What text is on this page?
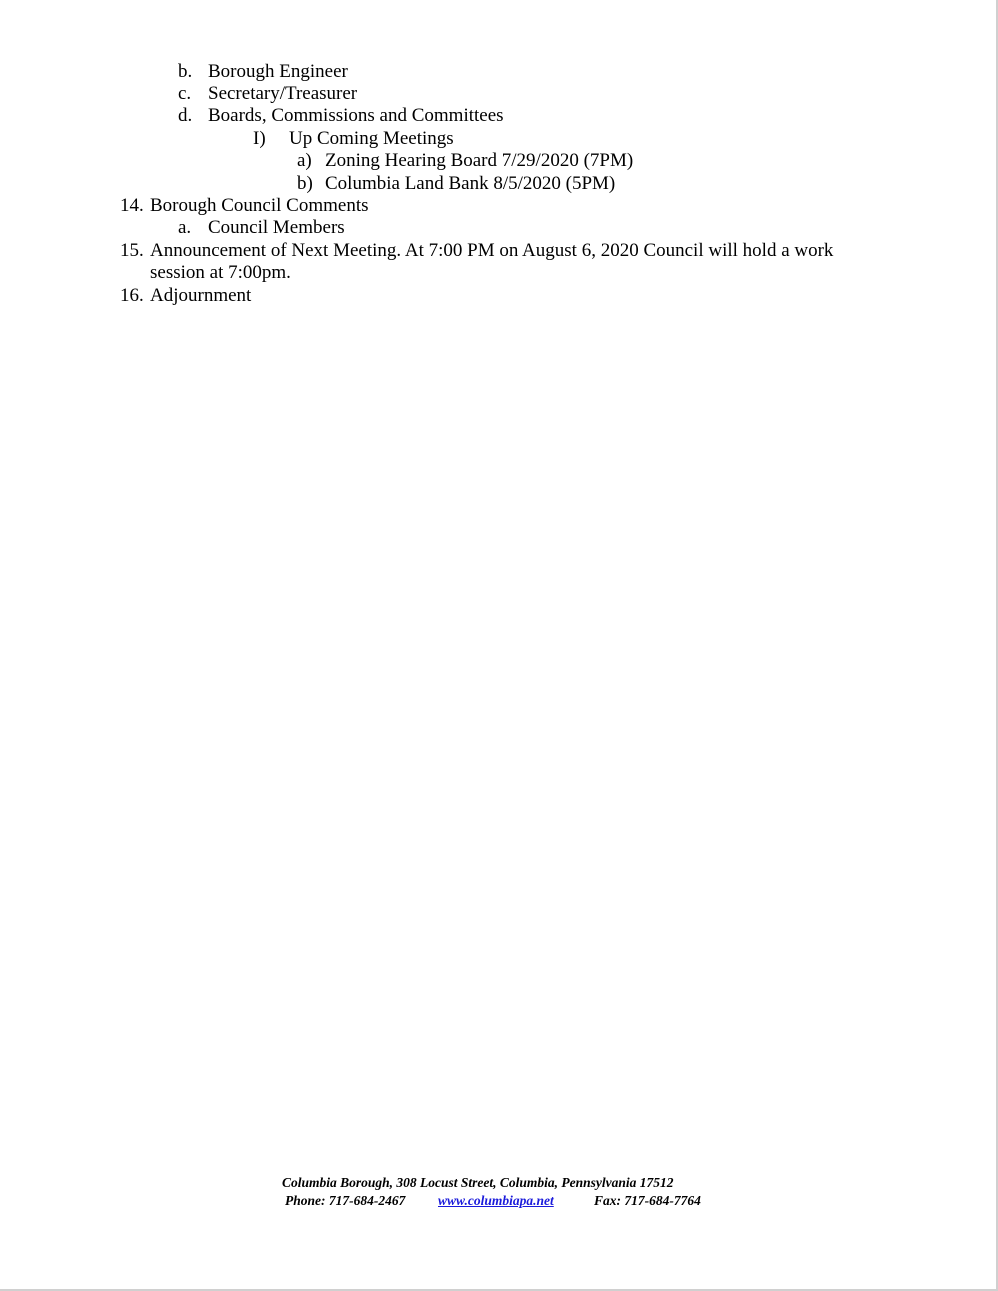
b. Borough Engineer
c. Secretary/Treasurer
d. Boards, Commissions and Committees
I) Up Coming Meetings
a) Zoning Hearing Board 7/29/2020 (7PM)
b) Columbia Land Bank 8/5/2020 (5PM)
14. Borough Council Comments
a. Council Members
15. Announcement of Next Meeting. At 7:00 PM on August 6, 2020 Council will hold a work
session at 7:00pm.
16. Adjournment
Columbia Borough, 308 Locust Street, Columbia, Pennsylvania 17512
Phone: 717-684-2467 www.columbiapa.net	Fax: 717-684-7764
